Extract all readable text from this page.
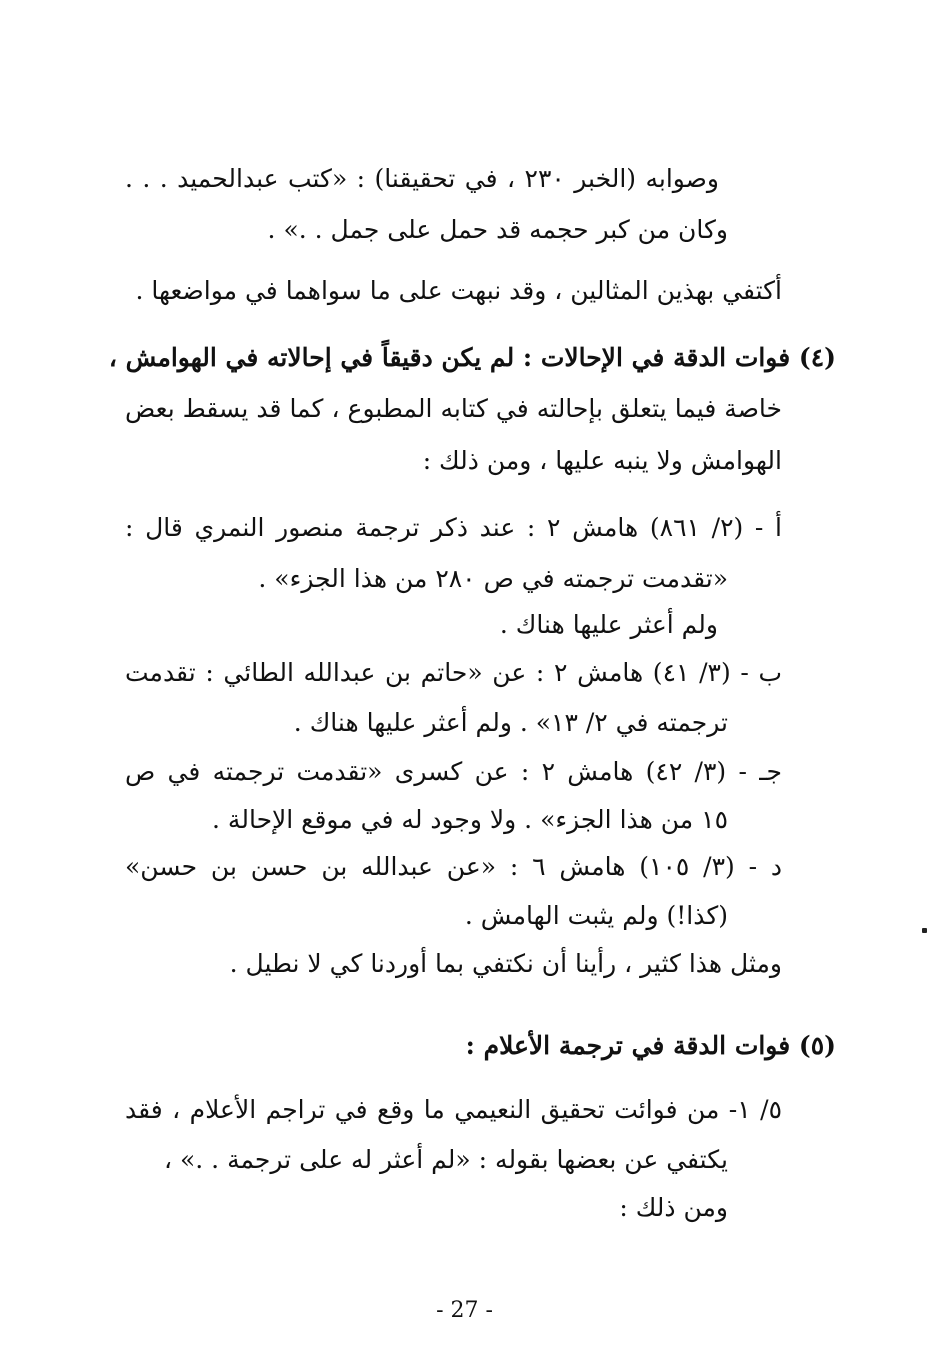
وصوابه (الخبر ٢٣٠ ، في تحقيقنا) : «كتب عبدالحميد . . .
وكان من كبر حجمه قد حمل على جمل . .» .
أكتفي بهذين المثالين ، وقد نبهت على ما سواهما في مواضعها .
(٤) فوات الدقة في الإحالات : لم يكن دقيقاً في إحالاته في الهوامش ،
خاصة فيما يتعلق بإحالته في كتابه المطبوع ، كما قد يسقط بعض
الهوامش ولا ينبه عليها ، ومن ذلك :
أ - (٢/ ٨٦١) هامش ٢ : عند ذكر ترجمة منصور النمري قال :
«تقدمت ترجمته في ص ٢٨٠ من هذا الجزء» .
ولم أعثر عليها هناك .
ب - (٣/ ٤١) هامش ٢ : عن «حاتم بن عبدالله الطائي : تقدمت
ترجمته في ٢/ ١٣» . ولم أعثر عليها هناك .
جـ - (٣/ ٤٢) هامش ٢ : عن كسرى «تقدمت ترجمته في ص
١٥ من هذا الجزء» . ولا وجود له في موقع الإحالة .
د - (٣/ ١٠٥) هامش ٦ : «عن عبدالله بن حسن بن حسن»
(كذا!) ولم يثبت الهامش .
ومثل هذا كثير ، رأينا أن نكتفي بما أوردنا كي لا نطيل .
(٥) فوات الدقة في ترجمة الأعلام :
٥/ ١- من فوائت تحقيق النعيمي ما وقع في تراجم الأعلام ، فقد
يكتفي عن بعضها بقوله : «لم أعثر له على ترجمة . .» ،
ومن ذلك :
- 27 -
